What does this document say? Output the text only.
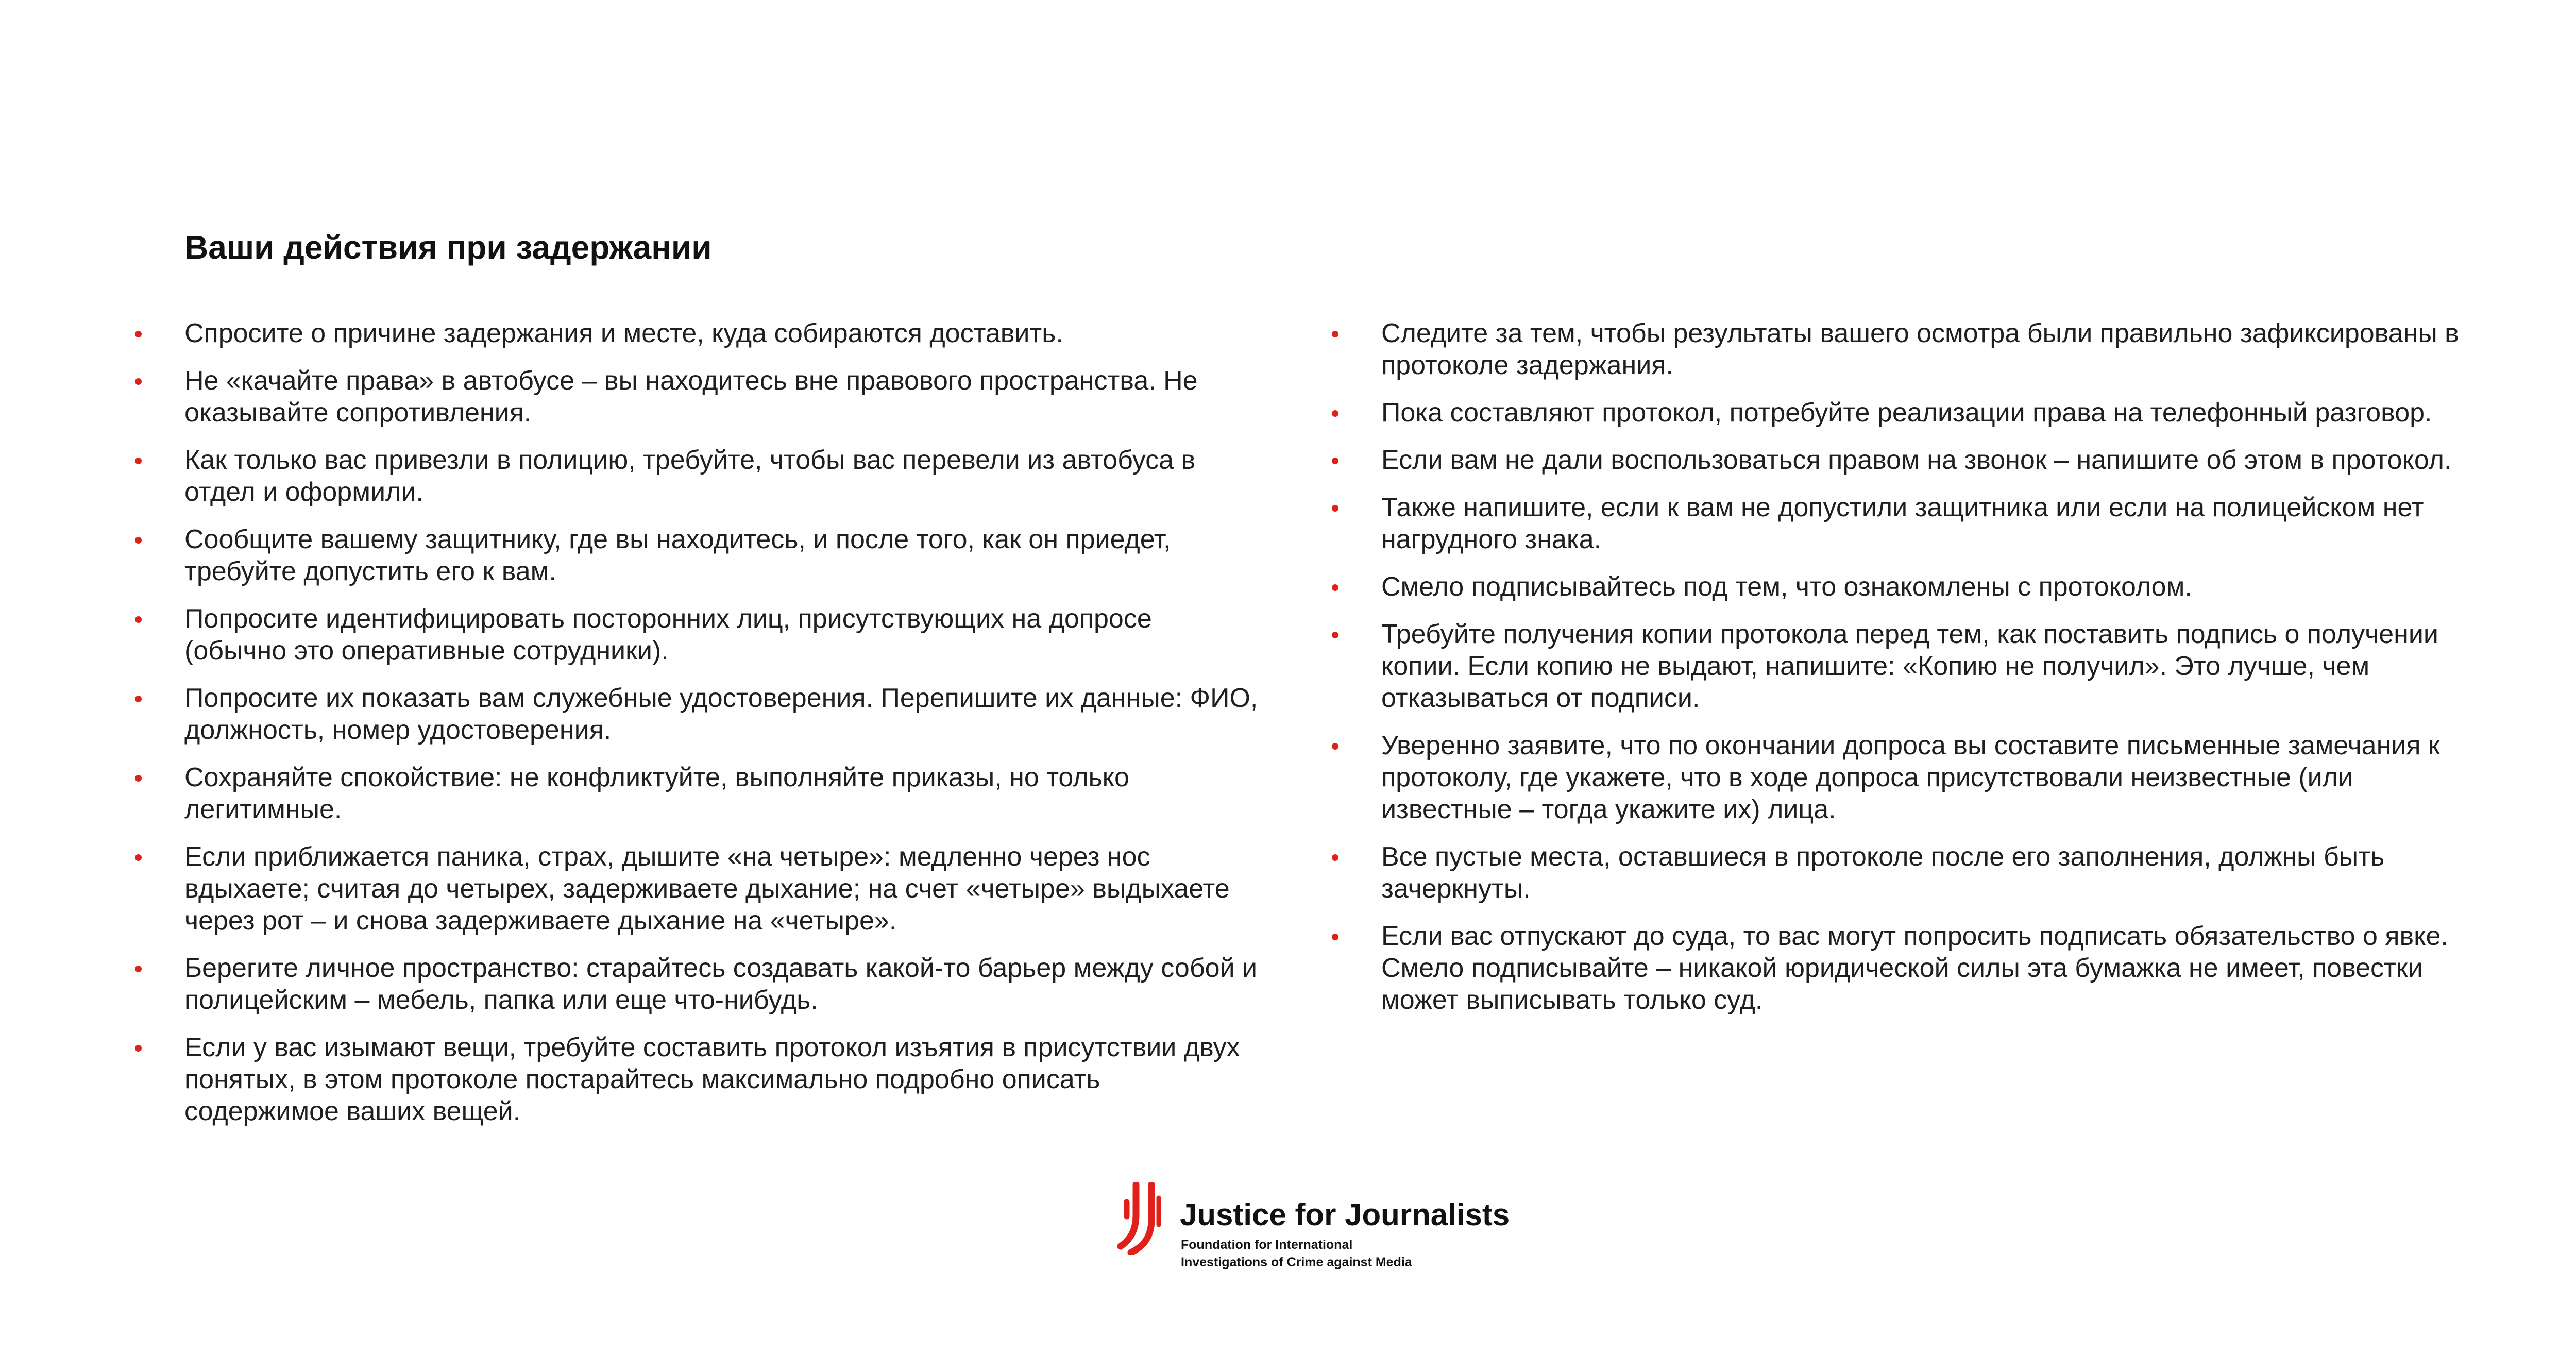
Ваши действия при задержании
Спросите о причине задержания и месте, куда собираются доставить.
Не «качайте права» в автобусе – вы находитесь вне правового пространства. Не оказывайте сопротивления.
Как только вас привезли в полицию, требуйте, чтобы вас перевели из автобуса в отдел и оформили.
Сообщите вашему защитнику, где вы находитесь, и после того, как он приедет, требуйте допустить его к вам.
Попросите идентифицировать посторонних лиц, присутствующих на допросе (обычно это оперативные сотрудники).
Попросите их показать вам служебные удостоверения. Перепишите их данные: ФИО, должность, номер удостоверения.
Сохраняйте спокойствие: не конфликтуйте, выполняйте приказы, но только легитимные.
Если приближается паника, страх, дышите «на четыре»: медленно через нос вдыхаете; считая до четырех, задерживаете дыхание; на счет «четыре» выдыхаете через рот – и снова задерживаете дыхание на «четыре».
Берегите личное пространство: старайтесь создавать какой-то барьер между собой и полицейским – мебель, папка или еще что-нибудь.
Если у вас изымают вещи, требуйте составить протокол изъятия в присутствии двух понятых, в этом протоколе постарайтесь максимально подробно описать содержимое ваших вещей.
Следите за тем, чтобы результаты вашего осмотра были правильно зафиксированы в протоколе задержания.
Пока составляют протокол, потребуйте реализации права на телефонный разговор.
Если вам не дали воспользоваться правом на звонок – напишите об этом в протокол.
Также напишите, если к вам не допустили защитника или если на полицейском нет нагрудного знака.
Смело подписывайтесь под тем, что ознакомлены с протоколом.
Требуйте получения копии протокола перед тем, как поставить подпись о получении копии. Если копию не выдают, напишите: «Копию не получил». Это лучше, чем отказываться от подписи.
Уверенно заявите, что по окончании допроса вы составите письменные замечания к протоколу, где укажете, что в ходе допроса присутствовали неизвестные (или известные – тогда укажите их) лица.
Все пустые места, оставшиеся в протоколе после его заполнения, должны быть зачеркнуты.
Если вас отпускают до суда, то вас могут попросить подписать обязательство о явке. Смело подписывайте – никакой юридической силы эта бумажка не имеет, повестки может выписывать только суд.
Justice for Journalists
Foundation for International
Investigations of Crime against Media
